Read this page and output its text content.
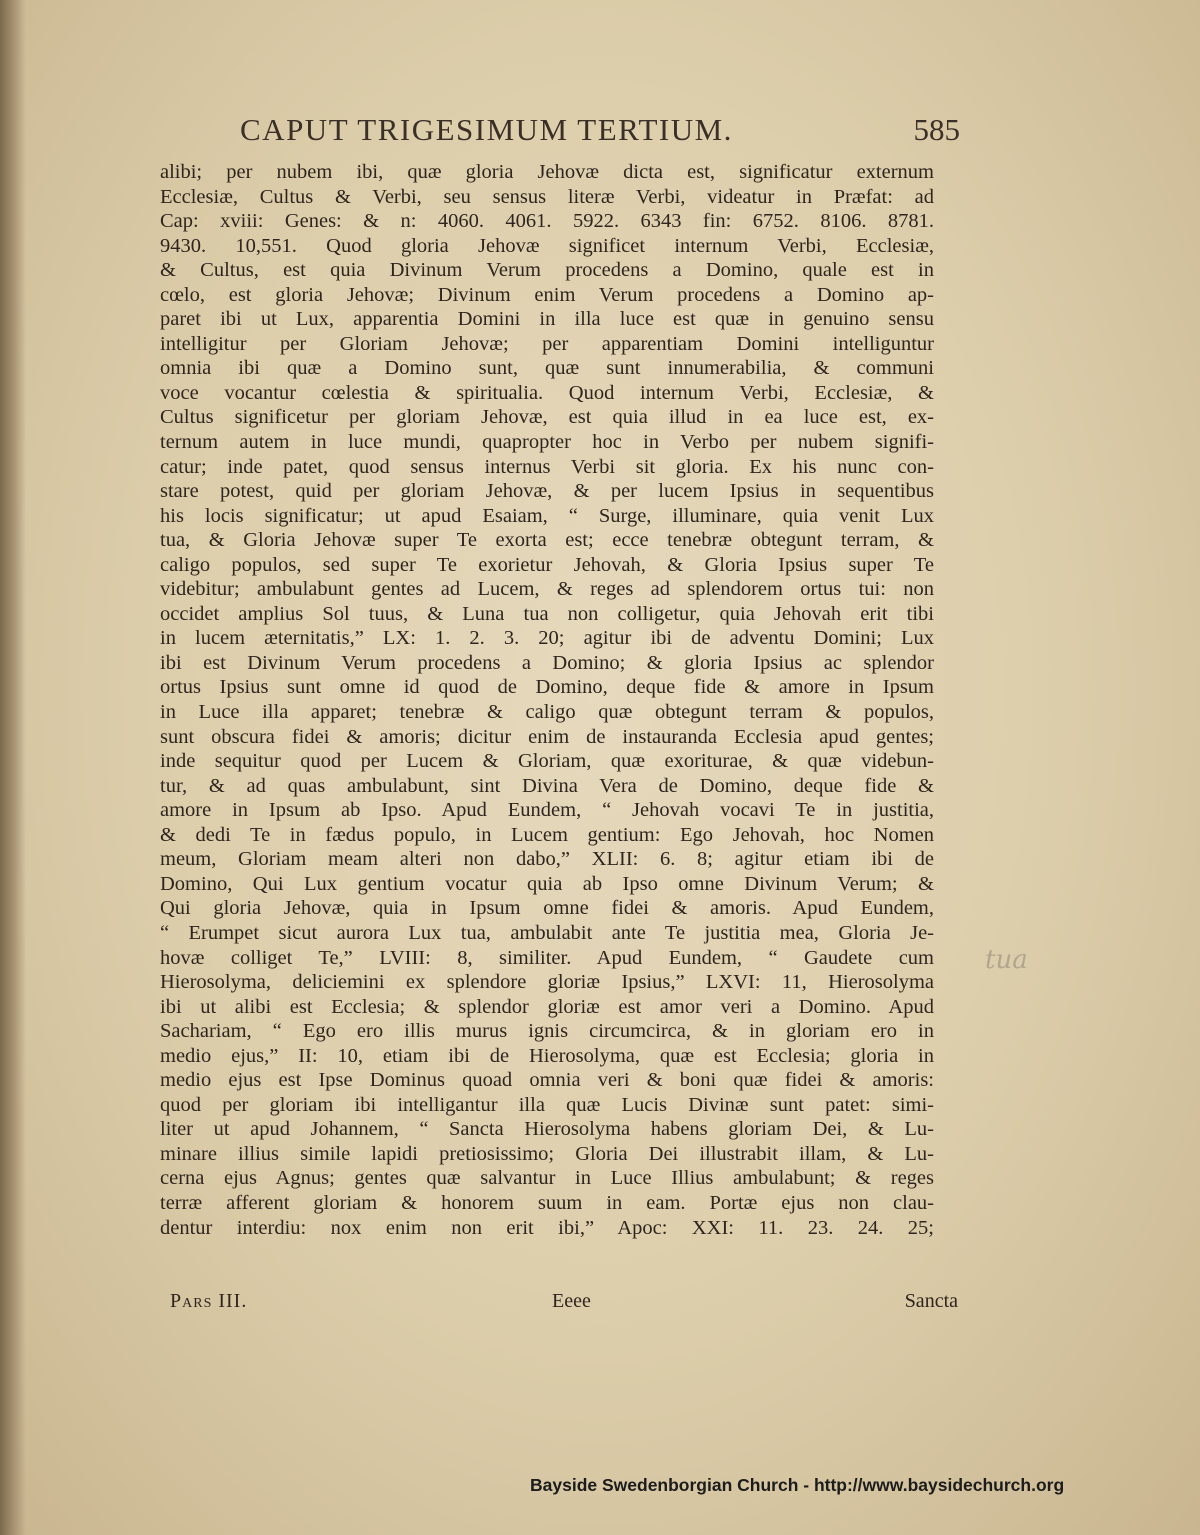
CAPUT TRIGESIMUM TERTIUM.	585
alibi; per nubem ibi, quæ gloria Jehovæ dicta est, significatur externum
Ecclesiæ, Cultus & Verbi, seu sensus literæ Verbi, videatur in Præfat: ad
Cap: xviii: Genes: & n: 4060. 4061. 5922. 6343 fin: 6752. 8106. 8781.
9430. 10,551. Quod gloria Jehovæ significet internum Verbi, Ecclesiæ,
& Cultus, est quia Divinum Verum procedens a Domino, quale est in
cœlo, est gloria Jehovæ; Divinum enim Verum procedens a Domino ap-
paret ibi ut Lux, apparentia Domini in illa luce est quæ in genuino sensu
intelligitur per Gloriam Jehovæ; per apparentiam Domini intelliguntur
omnia ibi quæ a Domino sunt, quæ sunt innumerabilia, & communi
voce vocantur cœlestia & spiritualia. Quod internum Verbi, Ecclesiæ, &
Cultus significetur per gloriam Jehovæ, est quia illud in ea luce est, ex-
ternum autem in luce mundi, quapropter hoc in Verbo per nubem signifi-
catur; inde patet, quod sensus internus Verbi sit gloria. Ex his nunc con-
stare potest, quid per gloriam Jehovæ, & per lucem Ipsius in sequentibus
his locis significatur; ut apud Esaiam, “ Surge, illuminare, quia venit Lux
tua, & Gloria Jehovæ super Te exorta est; ecce tenebræ obtegunt terram, &
caligo populos, sed super Te exorietur Jehovah, & Gloria Ipsius super Te
videbitur; ambulabunt gentes ad Lucem, & reges ad splendorem ortus tui: non
occidet amplius Sol tuus, & Luna tua non colligetur, quia Jehovah erit tibi
in lucem æternitatis,” LX: 1. 2. 3. 20; agitur ibi de adventu Domini; Lux
ibi est Divinum Verum procedens a Domino; & gloria Ipsius ac splendor
ortus Ipsius sunt omne id quod de Domino, deque fide & amore in Ipsum
in Luce illa apparet; tenebræ & caligo quæ obtegunt terram & populos,
sunt obscura fidei & amoris; dicitur enim de instauranda Ecclesia apud gentes;
inde sequitur quod per Lucem & Gloriam, quæ exoriturae, & quæ videbun-
tur, & ad quas ambulabunt, sint Divina Vera de Domino, deque fide &
amore in Ipsum ab Ipso. Apud Eundem, “ Jehovah vocavi Te in justitia,
& dedi Te in fædus populo, in Lucem gentium: Ego Jehovah, hoc Nomen
meum, Gloriam meam alteri non dabo,” XLII: 6. 8; agitur etiam ibi de
Domino, Qui Lux gentium vocatur quia ab Ipso omne Divinum Verum; &
Qui gloria Jehovæ, quia in Ipsum omne fidei & amoris. Apud Eundem,
“ Erumpet sicut aurora Lux tua, ambulabit ante Te justitia mea, Gloria Je-
hovæ colliget Te,” LVIII: 8, similiter. Apud Eundem, “ Gaudete cum
Hierosolyma, deliciemini ex splendore gloriæ Ipsius,” LXVI: 11, Hierosolyma
ibi ut alibi est Ecclesia; & splendor gloriæ est amor veri a Domino. Apud
Sachariam, “ Ego ero illis murus ignis circumcirca, & in gloriam ero in
medio ejus,” II: 10, etiam ibi de Hierosolyma, quæ est Ecclesia; gloria in
medio ejus est Ipse Dominus quoad omnia veri & boni quæ fidei & amoris:
quod per gloriam ibi intelligantur illa quæ Lucis Divinæ sunt patet: simi-
liter ut apud Johannem, “ Sancta Hierosolyma habens gloriam Dei, & Lu-
minare illius simile lapidi pretiosissimo; Gloria Dei illustrabit illam, & Lu-
cerna ejus Agnus; gentes quæ salvantur in Luce Illius ambulabunt; & reges
terræ afferent gloriam & honorem suum in eam. Portæ ejus non clau-
dentur interdiu: nox enim non erit ibi,” Apoc: XXI: 11. 23. 24. 25;
Pars III.	Eeee	Sancta
tua
Bayside Swedenborgian Church - http://www.baysidechurch.org
